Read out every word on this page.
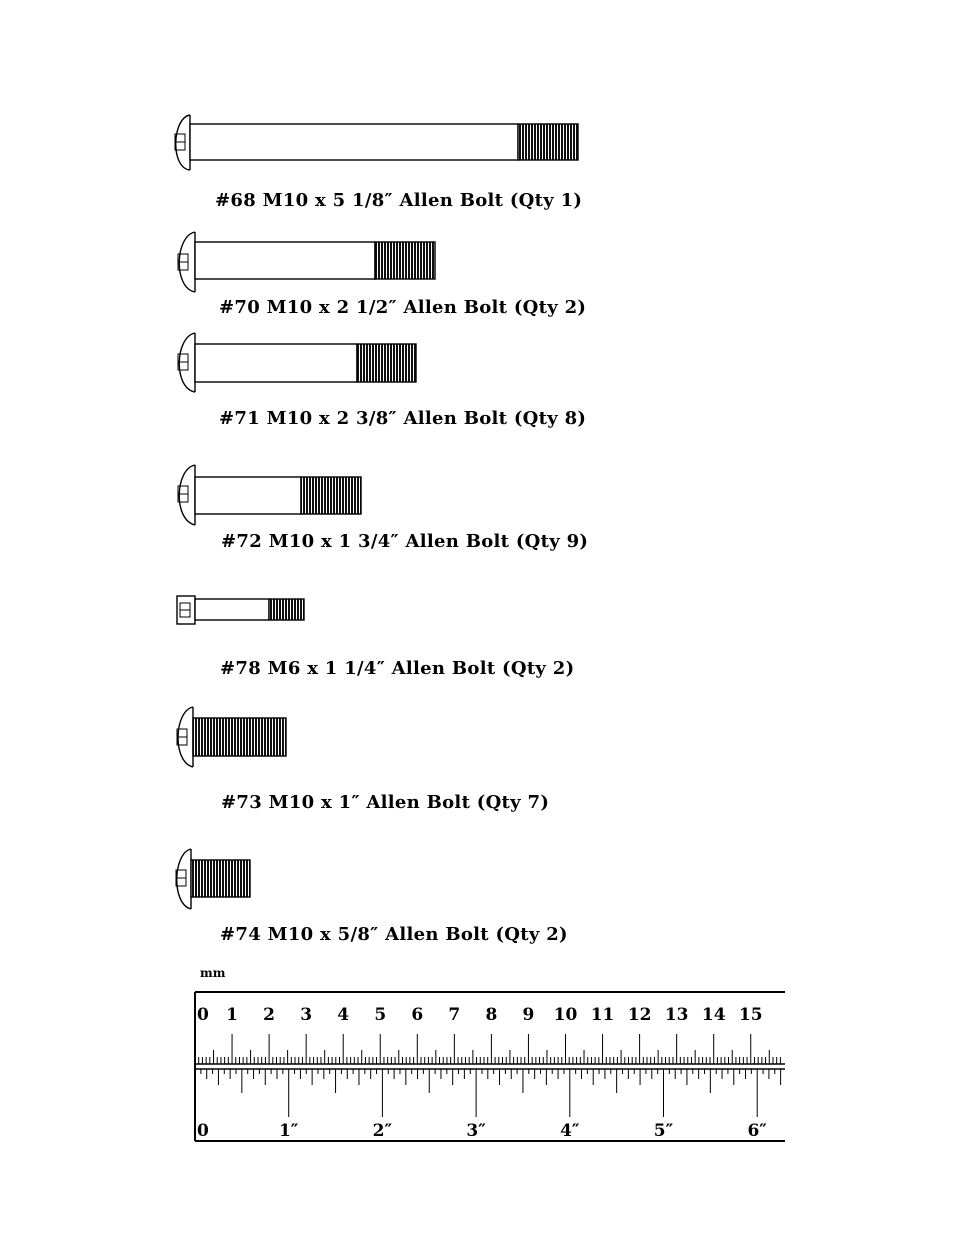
#68 M10 x 5 1/8″ Allen Bolt (Qty 1)
#70 M10 x 2 1/2″ Allen Bolt (Qty 2)
#71 M10 x 2 3/8″ Allen Bolt (Qty 8)
#72 M10 x 1 3/4″ Allen Bolt (Qty 9)
#78 M6 x 1 1/4″ Allen Bolt (Qty 2)
#73 M10 x 1″ Allen Bolt (Qty 7)
#74 M10 x 5/8″ Allen Bolt (Qty 2)
mm
0 1 2 3 4 5 6 7 8 9 10 11 12 13 14 15
0	1″	2″	3″	4″	5″	6″
